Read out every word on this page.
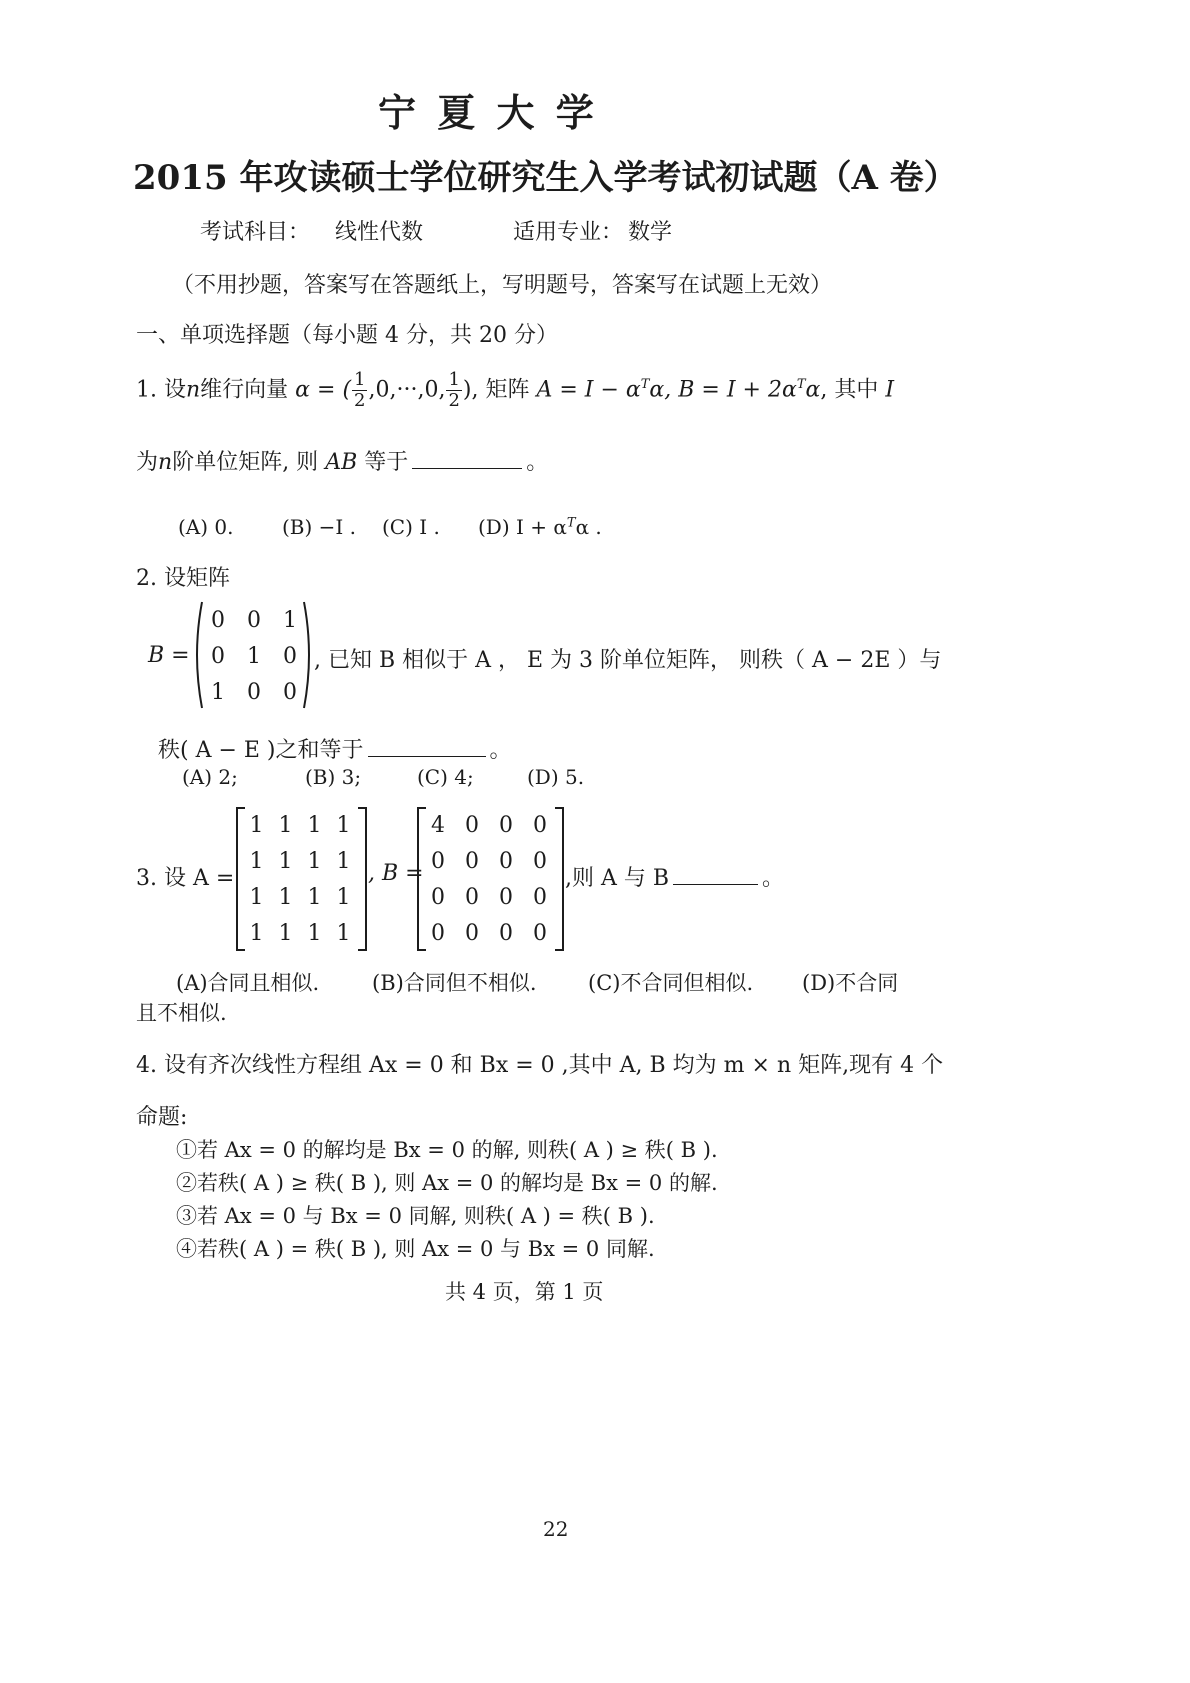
宁 夏 大 学
2015 年攻读硕士学位研究生入学考试初试题（A 卷）
考试科目： 线性代数	适用专业： 数学
（不用抄题，答案写在答题纸上，写明题号，答案写在试题上无效）
一、单项选择题（每小题 4 分，共 20 分）
1. 设n维行向量 α = ( $\frac{1}{2} ,0,\cdot\cdot\cdot,0$, $\frac{1}{2}$ ), 矩阵 $A = I - \alpha^T\alpha$, $B = I + 2\alpha^T\alpha$, 其中 I
为n阶单位矩阵, 则 AB 等于	。
(A) 0. (B) −I . (C) I . (D) $I + \alpha^T\alpha$ .
2. 设矩阵
B =
0	0	1
0	1	0
1	0	0
, 已知 B 相似于 A ， E 为 3 阶单位矩阵， 则秩（ A − 2E ）与
秩( A − E )之和等于	。
(A) 2;	(B) 3;	(C) 4;	(D) 5.
3. 设 A =
1	1	1	1
1	1	1	1
1	1	1	1
1	1	1	1
, B =
4	0	0	0
0	0	0	0
0	0	0	0
0	0	0	0
,则 A 与 B	。
(A)合同且相似.	(B)合同但不相似. (C)不合同但相似. (D)不合同
且不相似.
4. 设有齐次线性方程组 Ax = 0 和 Bx = 0 ,其中 A, B 均为 m × n 矩阵,现有 4 个
命题:
①若 Ax = 0 的解均是 Bx = 0 的解, 则秩( A ) ≥ 秩( B ).
②若秩( A ) ≥ 秩( B ), 则 Ax = 0 的解均是 Bx = 0 的解.
③若 Ax = 0 与 Bx = 0 同解, 则秩( A ) = 秩( B ).
④若秩( A ) = 秩( B ), 则 Ax = 0 与 Bx = 0 同解.
共 4 页，第 1 页
22
